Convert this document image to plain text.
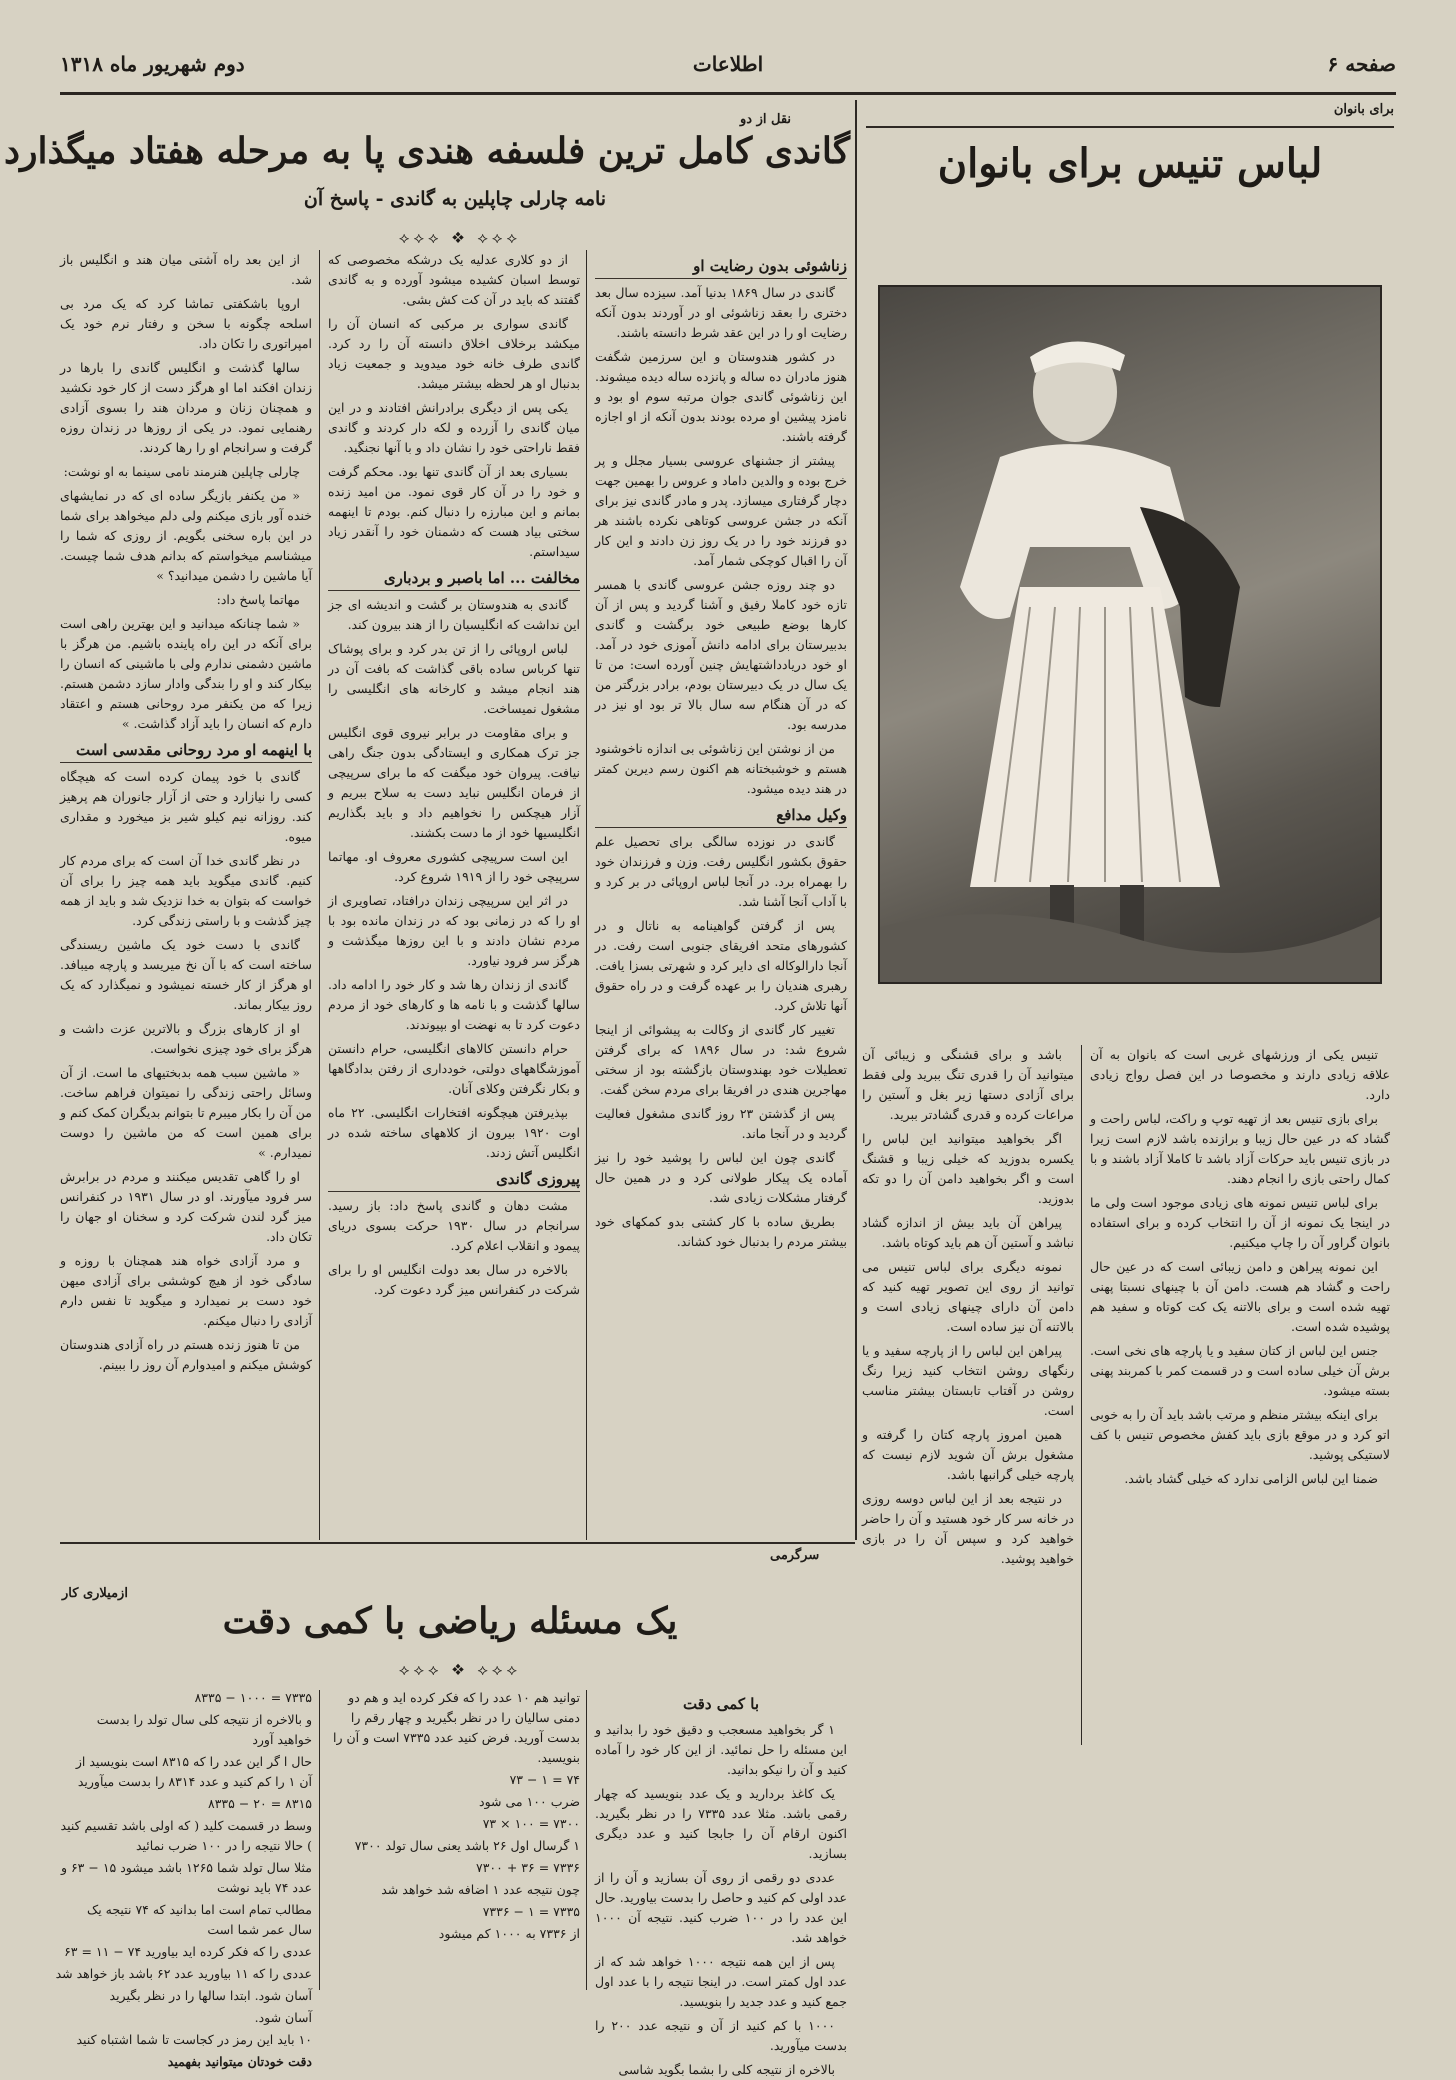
صفحه ۶
اطلاعات
دوم شهریور ماه ۱۳۱۸
برای بانوان
لباس تنیس برای بانوان

تنیس یکی از ورزشهای غربی است که بانوان به آن علاقه زیادی دارند و مخصوصا در این فصل رواج زیادی دارد.

برای بازی تنیس بعد از تهیه توپ و راکت، لباس راحت و گشاد که در عین حال زیبا و برازنده باشد لازم است زیرا در بازی تنیس باید حرکات آزاد باشد تا کاملا آزاد باشند و با کمال راحتی بازی را انجام دهند.

برای لباس تنیس نمونه های زیادی موجود است ولی ما در اینجا یک نمونه از آن را انتخاب کرده و برای استفاده بانوان گراور آن را چاپ میکنیم.

این نمونه پیراهن و دامن زیبائی است که در عین حال راحت و گشاد هم هست. دامن آن با چینهای نسبتا پهنی تهیه شده است و برای بالاتنه یک کت کوتاه و سفید هم پوشیده شده است.

جنس این لباس از کتان سفید و یا پارچه های نخی است. برش آن خیلی ساده است و در قسمت کمر با کمربند پهنی بسته میشود.

برای اینکه بیشتر منظم و مرتب باشد باید آن را به خوبی اتو کرد و در موقع بازی باید کفش مخصوص تنیس با کف لاستیکی پوشید.

ضمنا این لباس الزامی ندارد که خیلی گشاد باشد.

باشد و برای قشنگی و زیبائی آن میتوانید آن را قدری تنگ ببرید ولی فقط برای آزادی دستها زیر بغل و آستین را مراعات کرده و قدری گشادتر ببرید.

اگر بخواهید میتوانید این لباس را یکسره بدوزید که خیلی زیبا و قشنگ است و اگر بخواهید دامن آن را دو تکه بدوزید.

پیراهن آن باید بیش از اندازه گشاد نباشد و آستین آن هم باید کوتاه باشد.

نمونه دیگری برای لباس تنیس می توانید از روی این تصویر تهیه کنید که دامن آن دارای چینهای زیادی است و بالاتنه آن نیز ساده است.

پیراهن این لباس را از پارچه سفید و یا رنگهای روشن انتخاب کنید زیرا رنگ روشن در آفتاب تابستان بیشتر مناسب است.

همین امروز پارچه کتان را گرفته و مشغول برش آن شوید لازم نیست که پارچه خیلی گرانبها باشد.

در نتیجه بعد از این لباس دوسه روزی در خانه سر کار خود هستید و آن را حاضر خواهید کرد و سپس آن را در بازی خواهید پوشید.

نقل از دو
گاندی کامل ترین فلسفه هندی پا به مرحله هفتاد میگذارد
نامه چارلی چاپلین به گاندی - پاسخ آن
⟡⟡⟡ ❖ ⟡⟡⟡
زناشوئی بدون رضایت او

گاندی در سال ۱۸۶۹ بدنیا آمد. سیزده سال بعد دختری را بعقد زناشوئی او در آوردند بدون آنکه رضایت او را در این عقد شرط دانسته باشند.

در کشور هندوستان و این سرزمین شگفت هنوز مادران ده ساله و پانزده ساله دیده میشوند. این زناشوئی گاندی جوان مرتبه سوم او بود و نامزد پیشین او مرده بودند بدون آنکه از او اجازه گرفته باشند.

پیشتر از جشنهای عروسی بسیار مجلل و پر خرج بوده و والدین داماد و عروس را بهمین جهت دچار گرفتاری میسازد. پدر و مادر گاندی نیز برای آنکه در جشن عروسی کوتاهی نکرده باشند هر دو فرزند خود را در یک روز زن دادند و این کار آن را اقبال کوچکی شمار آمد.

دو چند روزه جشن عروسی گاندی با همسر تازه خود کاملا رفیق و آشنا گردید و پس از آن کارها بوضع طبیعی خود برگشت و گاندی بدبیرستان برای ادامه دانش آموزی خود در آمد. او خود دریادداشتهایش چنین آورده است: من تا یک سال در یک دبیرستان بودم، برادر بزرگتر من که در آن هنگام سه سال بالا تر بود او نیز در مدرسه بود.

من از نوشتن این زناشوئی بی اندازه ناخوشنود هستم و خوشبختانه هم اکنون رسم دیرین کمتر در هند دیده میشود.

وکیل مدافع

گاندی در نوزده سالگی برای تحصیل علم حقوق بکشور انگلیس رفت. وزن و فرزندان خود را بهمراه برد. در آنجا لباس اروپائی در بر کرد و با آداب آنجا آشنا شد.

پس از گرفتن گواهینامه به ناتال و در کشورهای متحد افریقای جنوبی است رفت. در آنجا دارالوکاله ای دایر کرد و شهرتی بسزا یافت. رهبری هندیان را بر عهده گرفت و در راه حقوق آنها تلاش کرد.

تغییر کار گاندی از وکالت به پیشوائی از اینجا شروع شد: در سال ۱۸۹۶ که برای گرفتن تعطیلات خود بهندوستان بازگشته بود از سختی مهاجرین هندی در افریقا برای مردم سخن گفت.

پس از گذشتن ۲۳ روز گاندی مشغول فعالیت گردید و در آنجا ماند.

گاندی چون این لباس را پوشید خود را نیز آماده یک پیکار طولانی کرد و در همین حال گرفتار مشکلات زیادی شد.

بطریق ساده با کار کشتی بدو کمکهای خود بیشتر مردم را بدنبال خود کشاند.

از دو کلاری عدلیه یک درشکه مخصوصی که توسط اسبان کشیده میشود آورده و به گاندی گفتند که باید در آن کت کش بشی.

گاندی سواری بر مرکبی که انسان آن را میکشد برخلاف اخلاق دانسته آن را رد کرد. گاندی طرف خانه خود میدوید و جمعیت زیاد بدنبال او هر لحظه بیشتر میشد.

یکی پس از دیگری برادرانش افتادند و در این میان گاندی را آزرده و لکه دار کردند و گاندی فقط ناراحتی خود را نشان داد و با آنها نجنگید.

بسیاری بعد از آن گاندی تنها بود. محکم گرفت و خود را در آن کار قوی نمود. من امید زنده بمانم و این مبارزه را دنبال کنم. بودم تا اینهمه سختی بیاد هست که دشمنان خود را آنقدر زیاد سیداستم.

مخالفت ... اما باصبر و بردباری

گاندی به هندوستان بر گشت و اندیشه ای جز این نداشت که انگلیسیان را از هند بیرون کند.

لباس اروپائی را از تن بدر کرد و برای پوشاک تنها کرباس ساده باقی گذاشت که بافت آن در هند انجام میشد و کارخانه های انگلیسی را مشغول نمیساخت.

و برای مقاومت در برابر نیروی قوی انگلیس جز ترک همکاری و ایستادگی بدون جنگ راهی نیافت. پیروان خود میگفت که ما برای سرپیچی از فرمان انگلیس نباید دست به سلاح ببریم و آزار هیچکس را نخواهیم داد و باید بگذاریم انگلیسیها خود از ما دست بکشند.

این است سرپیچی کشوری معروف او. مهاتما سرپیچی خود را از ۱۹۱۹ شروع کرد.

در اثر این سرپیچی زندان درافتاد، تصاویری از او را که در زمانی بود که در زندان مانده بود با مردم نشان دادند و با این روزها میگذشت و هرگز سر فرود نیاورد.

گاندی از زندان رها شد و کار خود را ادامه داد. سالها گذشت و با نامه ها و کارهای خود از مردم دعوت کرد تا به نهضت او بپیوندند.

حرام دانستن کالاهای انگلیسی، حرام دانستن آموزشگاههای دولتی، خودداری از رفتن بدادگاهها و بکار نگرفتن وکلای آنان.

بپذیرفتن هیچگونه افتخارات انگلیسی. ۲۲ ماه اوت ۱۹۲۰ بیرون از کلاههای ساخته شده در انگلیس آتش زدند.

پیروزی گاندی

مشت دهان و گاندی پاسخ داد: باز رسید. سرانجام در سال ۱۹۳۰ حرکت بسوی دریای پیمود و انقلاب اعلام کرد.

بالاخره در سال بعد دولت انگلیس او را برای شرکت در کنفرانس میز گرد دعوت کرد.

از این بعد راه آشتی میان هند و انگلیس باز شد.

اروپا باشکفتی تماشا کرد که یک مرد بی اسلحه چگونه با سخن و رفتار نرم خود یک امپراتوری را تکان داد.

سالها گذشت و انگلیس گاندی را بارها در زندان افکند اما او هرگز دست از کار خود نکشید و همچنان زنان و مردان هند را بسوی آزادی رهنمایی نمود. در یکی از روزها در زندان روزه گرفت و سرانجام او را رها کردند.

چارلی چاپلین هنرمند نامی سینما به او نوشت:

« من یکنفر بازیگر ساده ای که در نمایشهای خنده آور بازی میکنم ولی دلم میخواهد برای شما در این باره سخنی بگویم. از روزی که شما را میشناسم میخواستم که بدانم هدف شما چیست. آیا ماشین را دشمن میدانید؟ »

مهاتما پاسخ داد:

« شما چنانکه میدانید و این بهترین راهی است برای آنکه در این راه پاینده باشیم. من هرگز با ماشین دشمنی ندارم ولی با ماشینی که انسان را بیکار کند و او را بندگی وادار سازد دشمن هستم. زیرا که من یکنفر مرد روحانی هستم و اعتقاد دارم که انسان را باید آزاد گذاشت. »

با اینهمه او مرد روحانی مقدسی است

گاندی با خود پیمان کرده است که هیچگاه کسی را نیازارد و حتی از آزار جانوران هم پرهیز کند. روزانه نیم کیلو شیر بز میخورد و مقداری میوه.

در نظر گاندی خدا آن است که برای مردم کار کنیم. گاندی میگوید باید همه چیز را برای آن خواست که بتوان به خدا نزدیک شد و باید از همه چیز گذشت و با راستی زندگی کرد.

گاندی با دست خود یک ماشین ریسندگی ساخته است که با آن نخ میریسد و پارچه میبافد. او هرگز از کار خسته نمیشود و نمیگذارد که یک روز بیکار بماند.

او از کارهای بزرگ و بالاترین عزت داشت و هرگز برای خود چیزی نخواست.

« ماشین سبب همه بدبختیهای ما است. از آن وسائل راحتی زندگی را نمیتوان فراهم ساخت. من آن را بکار میبرم تا بتوانم بدیگران کمک کنم و برای همین است که من ماشین را دوست نمیدارم. »

او را گاهی تقدیس میکنند و مردم در برابرش سر فرود میآورند. او در سال ۱۹۳۱ در کنفرانس میز گرد لندن شرکت کرد و سخنان او جهان را تکان داد.

و مرد آزادی خواه هند همچنان با روزه و سادگی خود از هیچ کوششی برای آزادی میهن خود دست بر نمیدارد و میگوید تا نفس دارم آزادی را دنبال میکنم.

من تا هنوز زنده هستم در راه آزادی هندوستان کوشش میکنم و امیدوارم آن روز را ببینم.

سرگرمی
ازمیلاری کار
یک مسئله ریاضی با کمی دقت
⟡⟡⟡ ❖ ⟡⟡⟡
با کمی دقت

۱ گر بخواهید مسعجب و دقیق خود را بدانید و این مسئله را حل نمائید. از این کار خود را آماده کنید و آن را نیکو بدانید.

یک کاغذ بردارید و یک عدد بنویسید که چهار رقمی باشد. مثلا عدد ۷۳۳۵ را در نظر بگیرید. اکنون ارقام آن را جابجا کنید و عدد دیگری بسازید.

عددی دو رقمی از روی آن بسازید و آن را از عدد اولی کم کنید و حاصل را بدست بیاورید. حال این عدد را در ۱۰۰ ضرب کنید. نتیجه آن ۱۰۰۰ خواهد شد.

پس از این همه نتیجه ۱۰۰۰ خواهد شد که از عدد اول کمتر است. در اینجا نتیجه را با عدد اول جمع کنید و عدد جدید را بنویسید.

۱۰۰۰ با کم کنید از آن و نتیجه عدد ۲۰۰ را بدست میآورید.

بالاخره از نتیجه کلی را بشما بگوید شاسی

توانید هم ۱۰ عدد را که فکر کرده اید و هم دو دمنی سالیان را در نظر بگیرید و چهار رقم را بدست آورید. فرض کنید عدد ۷۳۳۵ است و آن را بنویسید.
۷۴ = ۱ − ۷۳
ضرب ۱۰۰ می شود
۷۳۰۰ = ۱۰۰ × ۷۳
۱ گرسال اول ۲۶ باشد یعنی سال تولد ۷۳۰۰
۷۳۳۶ = ۳۶ + ۷۳۰۰
چون نتیجه عدد ۱ اضافه شد خواهد شد
۷۳۳۵ = ۱ − ۷۳۳۶
از ۷۳۳۶ به ۱۰۰۰ کم میشود
۷۳۳۵ = ۱۰۰۰ − ۸۳۳۵
و بالاخره از نتیجه کلی سال تولد را بدست خواهید آورد
حال ا گر این عدد را که ۸۳۱۵ است بنویسید از آن ۱ را کم کنید و عدد ۸۳۱۴ را بدست میآورید
۸۳۱۵ = ۲۰ − ۸۳۳۵
وسط در قسمت کلید ( که اولی باشد تقسیم کنید ) حالا نتیجه را در ۱۰۰ ضرب نمائید
مثلا سال تولد شما ۱۲۶۵ باشد میشود ۱۵ − ۶۳ و عدد ۷۴ باید نوشت
مطالب تمام است اما بدانید که ۷۴ نتیجه یک سال عمر شما است
عددی را که فکر کرده اید بیاورید ۷۴ − ۱۱ = ۶۳
عددی را که ۱۱ بیاورید عدد ۶۲ باشد باز خواهد شد
آسان شود. ابتدا سالها را در نظر بگیرید
آسان شود.
۱۰ باید این رمز در کجاست تا شما اشتباه کنید
دقت خودتان میتوانید بفهمید
